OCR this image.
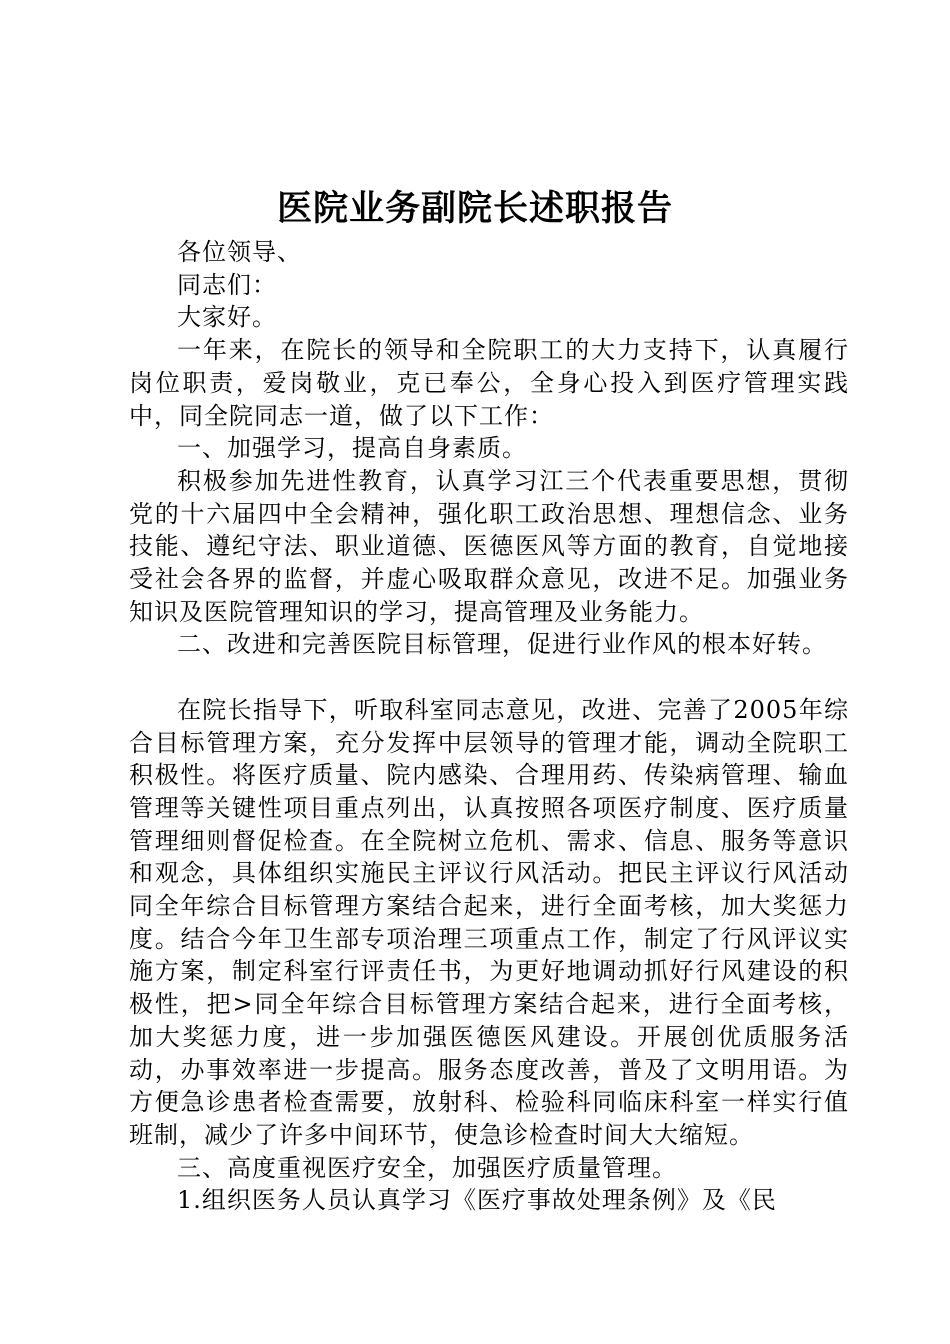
医院业务副院长述职报告

各位领导、

同志们：

大家好。

一年来，在院长的领导和全院职工的大力支持下，认真履行岗位职责，爱岗敬业，克已奉公，全身心投入到医疗管理实践中，同全院同志一道，做了以下工作：

一、加强学习，提高自身素质。

积极参加先进性教育，认真学习江三个代表重要思想，贯彻党的十六届四中全会精神，强化职工政治思想、理想信念、业务技能、遵纪守法、职业道德、医德医风等方面的教育，自觉地接受社会各界的监督，并虚心吸取群众意见，改进不足。加强业务知识及医院管理知识的学习，提高管理及业务能力。

二、改进和完善医院目标管理，促进行业作风的根本好转。

在院长指导下，听取科室同志意见，改进、完善了2005年综合目标管理方案，充分发挥中层领导的管理才能，调动全院职工积极性。将医疗质量、院内感染、合理用药、传染病管理、输血管理等关键性项目重点列出，认真按照各项医疗制度、医疗质量管理细则督促检查。在全院树立危机、需求、信息、服务等意识和观念，具体组织实施民主评议行风活动。把民主评议行风活动同全年综合目标管理方案结合起来，进行全面考核，加大奖惩力度。结合今年卫生部专项治理三项重点工作，制定了行风评议实施方案，制定科室行评责任书，为更好地调动抓好行风建设的积极性，把>同全年综合目标管理方案结合起来，进行全面考核，加大奖惩力度，进一步加强医德医风建设。开展创优质服务活动，办事效率进一步提高。服务态度改善，普及了文明用语。为方便急诊患者检查需要，放射科、检验科同临床科室一样实行值班制，减少了许多中间环节，使急诊检查时间大大缩短。

三、高度重视医疗安全，加强医疗质量管理。

1.组织医务人员认真学习《医疗事故处理条例》及《民
